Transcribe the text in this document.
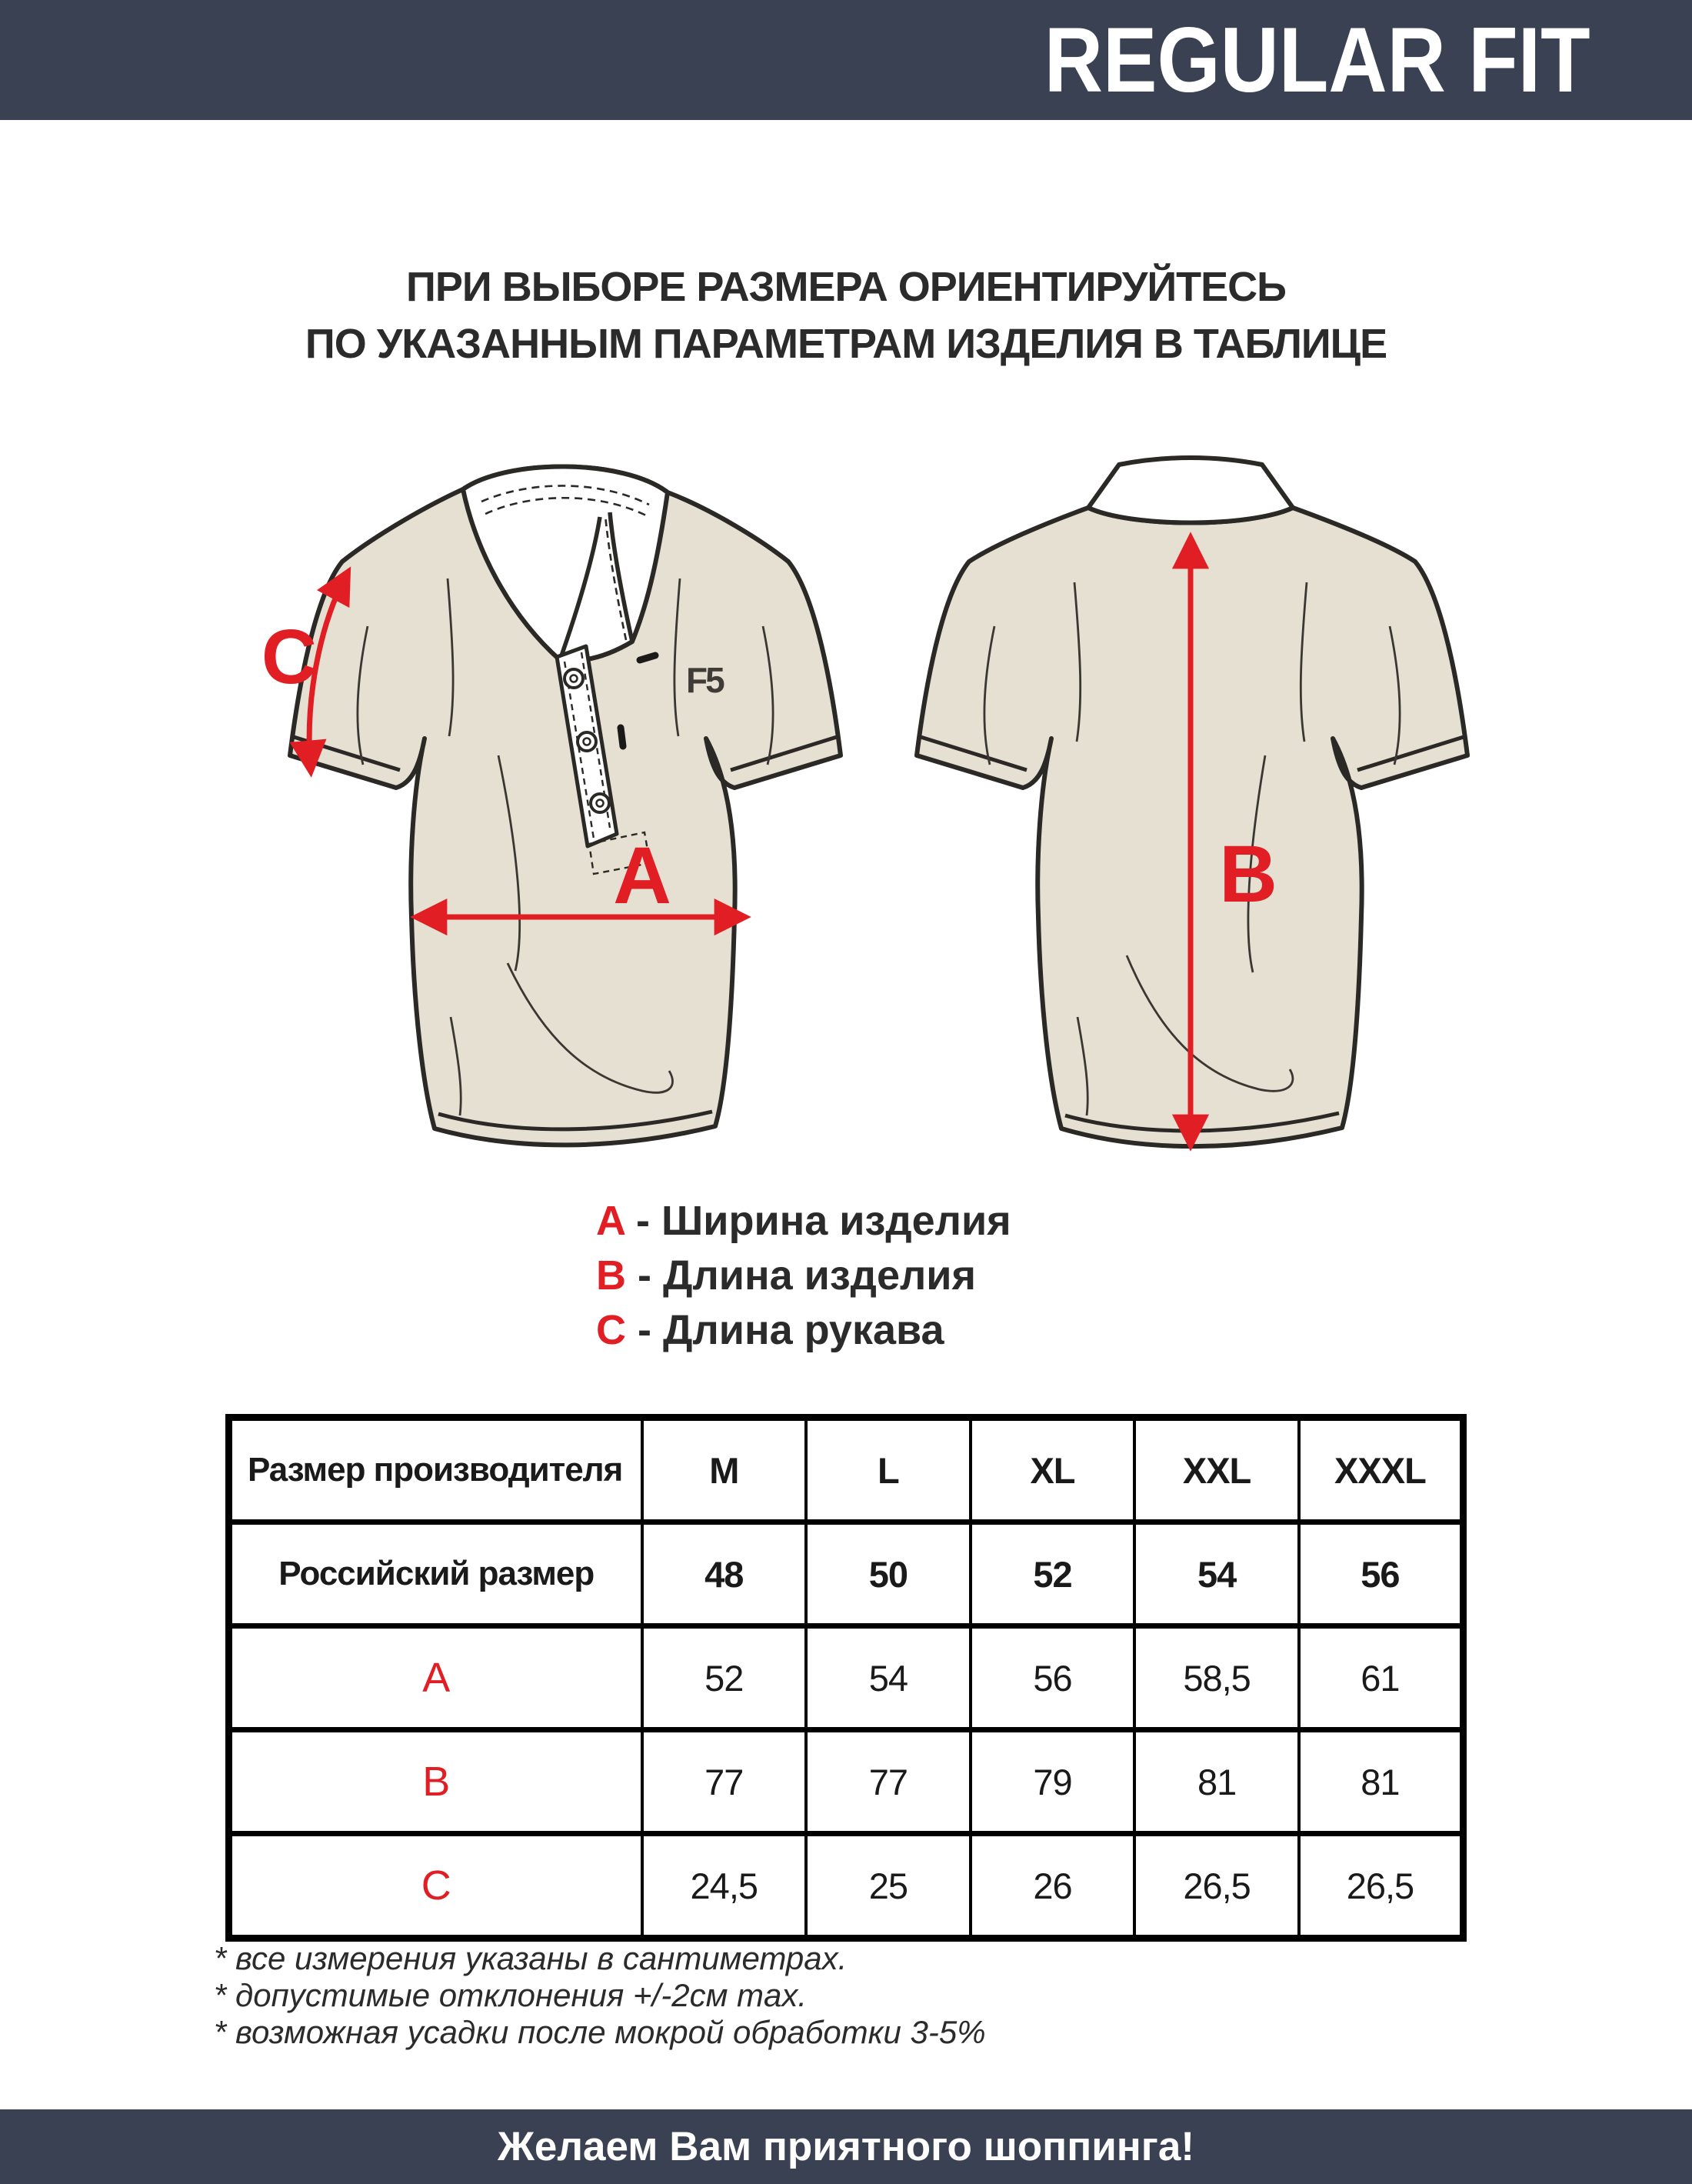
REGULAR FIT
ПРИ ВЫБОРЕ РАЗМЕРА ОРИЕНТИРУЙТЕСЬ
ПО УКАЗАННЫМ ПАРАМЕТРАМ ИЗДЕЛИЯ В ТАБЛИЦЕ
F5
A
C
B
A - Ширина изделия
B - Длина изделия
C - Длина рукава
Размер производителя	M	L	XL	XXL	XXXL
Российский размер	48	50	52	54	56
A	52	54	56	58,5	61
B	77	77	79	81	81
C	24,5	25	26	26,5	26,5
* все измерения указаны в сантиметрах.
* допустимые отклонения +/-2см max.
* возможная усадки после мокрой обработки 3-5%
Желаем Вам приятного шоппинга!
